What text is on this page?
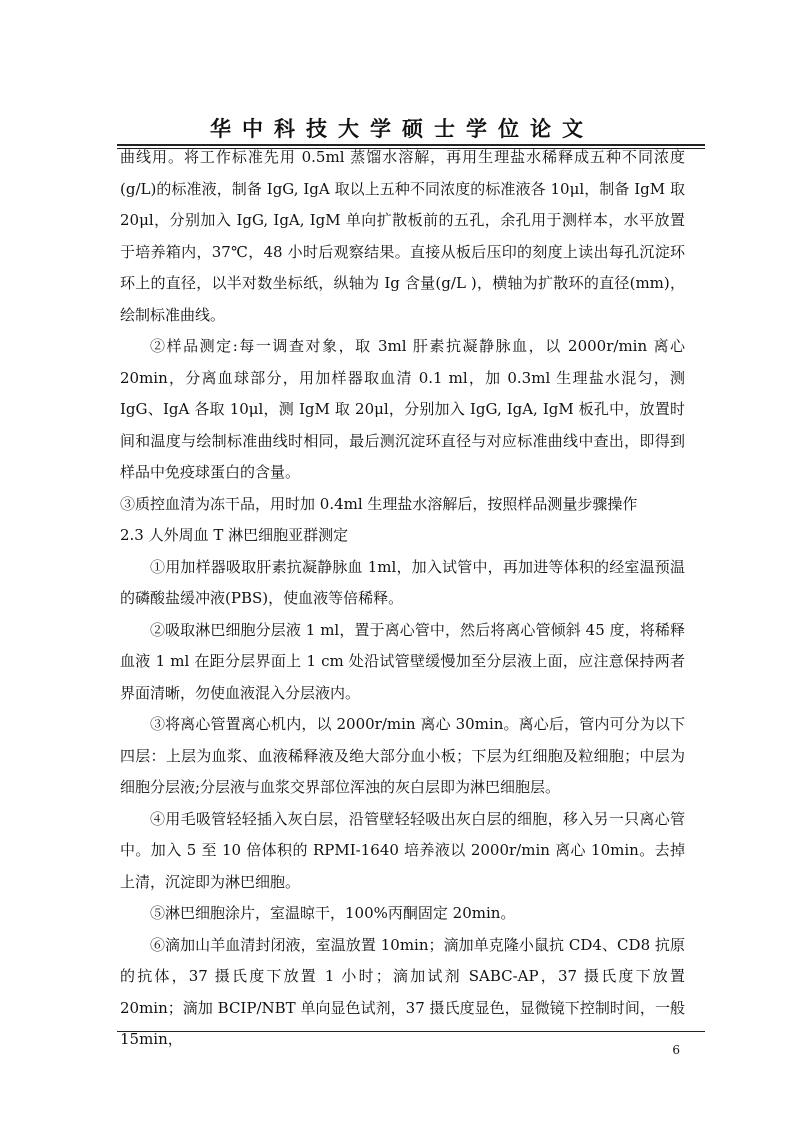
华中科技大学硕士学位论文

曲线用。将工作标准先用 0.5ml 蒸馏水溶解，再用生理盐水稀释成五种不同浓度(g/L)的标准液，制备 IgG, IgA 取以上五种不同浓度的标准液各 10μl，制备 IgM 取 20μl，分别加入 IgG, IgA, IgM 单向扩散板前的五孔，余孔用于测样本，水平放置于培养箱内，37℃，48 小时后观察结果。直接从板后压印的刻度上读出每孔沉淀环环上的直径，以半对数坐标纸，纵轴为 Ig 含量(g/L )，横轴为扩散环的直径(mm)，绘制标准曲线。

②样品测定:每一调查对象，取 3ml 肝素抗凝静脉血，以 2000r/min 离心 20min，分离血球部分，用加样器取血清 0.1 ml，加 0.3ml 生理盐水混匀，测 IgG、IgA 各取 10μl，测 IgM 取 20μl，分别加入 IgG, IgA, IgM 板孔中，放置时间和温度与绘制标准曲线时相同，最后测沉淀环直径与对应标准曲线中查出，即得到样品中免疫球蛋白的含量。

③质控血清为冻干品，用时加 0.4ml 生理盐水溶解后，按照样品测量步骤操作

2.3 人外周血 T 淋巴细胞亚群测定

①用加样器吸取肝素抗凝静脉血 1ml，加入试管中，再加进等体积的经室温预温的磷酸盐缓冲液(PBS)，使血液等倍稀释。

②吸取淋巴细胞分层液 1 ml，置于离心管中，然后将离心管倾斜 45 度，将稀释血液 1 ml 在距分层界面上 1 cm 处沿试管壁缓慢加至分层液上面，应注意保持两者界面清晰，勿使血液混入分层液内。

③将离心管置离心机内，以 2000r/min 离心 30min。离心后，管内可分为以下四层：上层为血浆、血液稀释液及绝大部分血小板；下层为红细胞及粒细胞；中层为细胞分层液;分层液与血浆交界部位浑浊的灰白层即为淋巴细胞层。

④用毛吸管轻轻插入灰白层，沿管壁轻轻吸出灰白层的细胞，移入另一只离心管中。加入 5 至 10 倍体积的 RPMI-1640 培养液以 2000r/min 离心 10min。去掉上清，沉淀即为淋巴细胞。

⑤淋巴细胞涂片，室温晾干，100%丙酮固定 20min。

⑥滴加山羊血清封闭液，室温放置 10min；滴加单克隆小鼠抗 CD4、CD8 抗原的抗体，37 摄氏度下放置 1 小时；滴加试剂 SABC-AP，37 摄氏度下放置 20min；滴加 BCIP/NBT 单向显色试剂，37 摄氏度显色，显微镜下控制时间，一般 15min，

6
